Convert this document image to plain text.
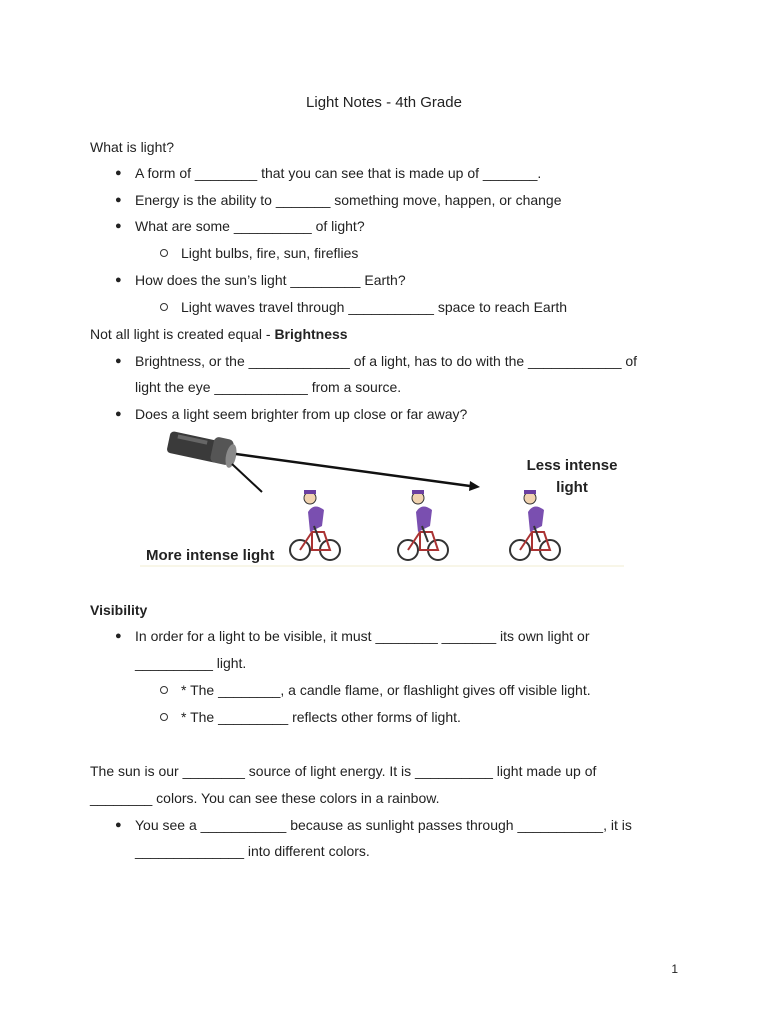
Light Notes - 4th Grade
What is light?
● A form of ________ that you can see that is made up of _______.
● Energy is the ability to _______ something move, happen, or change
● What are some __________ of light?
Light bulbs, fire, sun, fireflies
● How does the sun’s light _________ Earth?
Light waves travel through ___________ space to reach Earth
Not all light is created equal - Brightness
● Brightness, or the _____________ of a light, has to do with the ____________ of
light the eye ____________ from a source.
● Does a light seem brighter from up close or far away?
Less intense
light
More intense light
Visibility
● In order for a light to be visible, it must ________ _______ its own light or
__________ light.
* The ________, a candle flame, or flashlight gives off visible light.
* The _________ reflects other forms of light.
The sun is our ________ source of light energy. It is __________ light made up of
________ colors. You can see these colors in a rainbow.
● You see a ___________ because as sunlight passes through ___________, it is
______________ into different colors.
1
